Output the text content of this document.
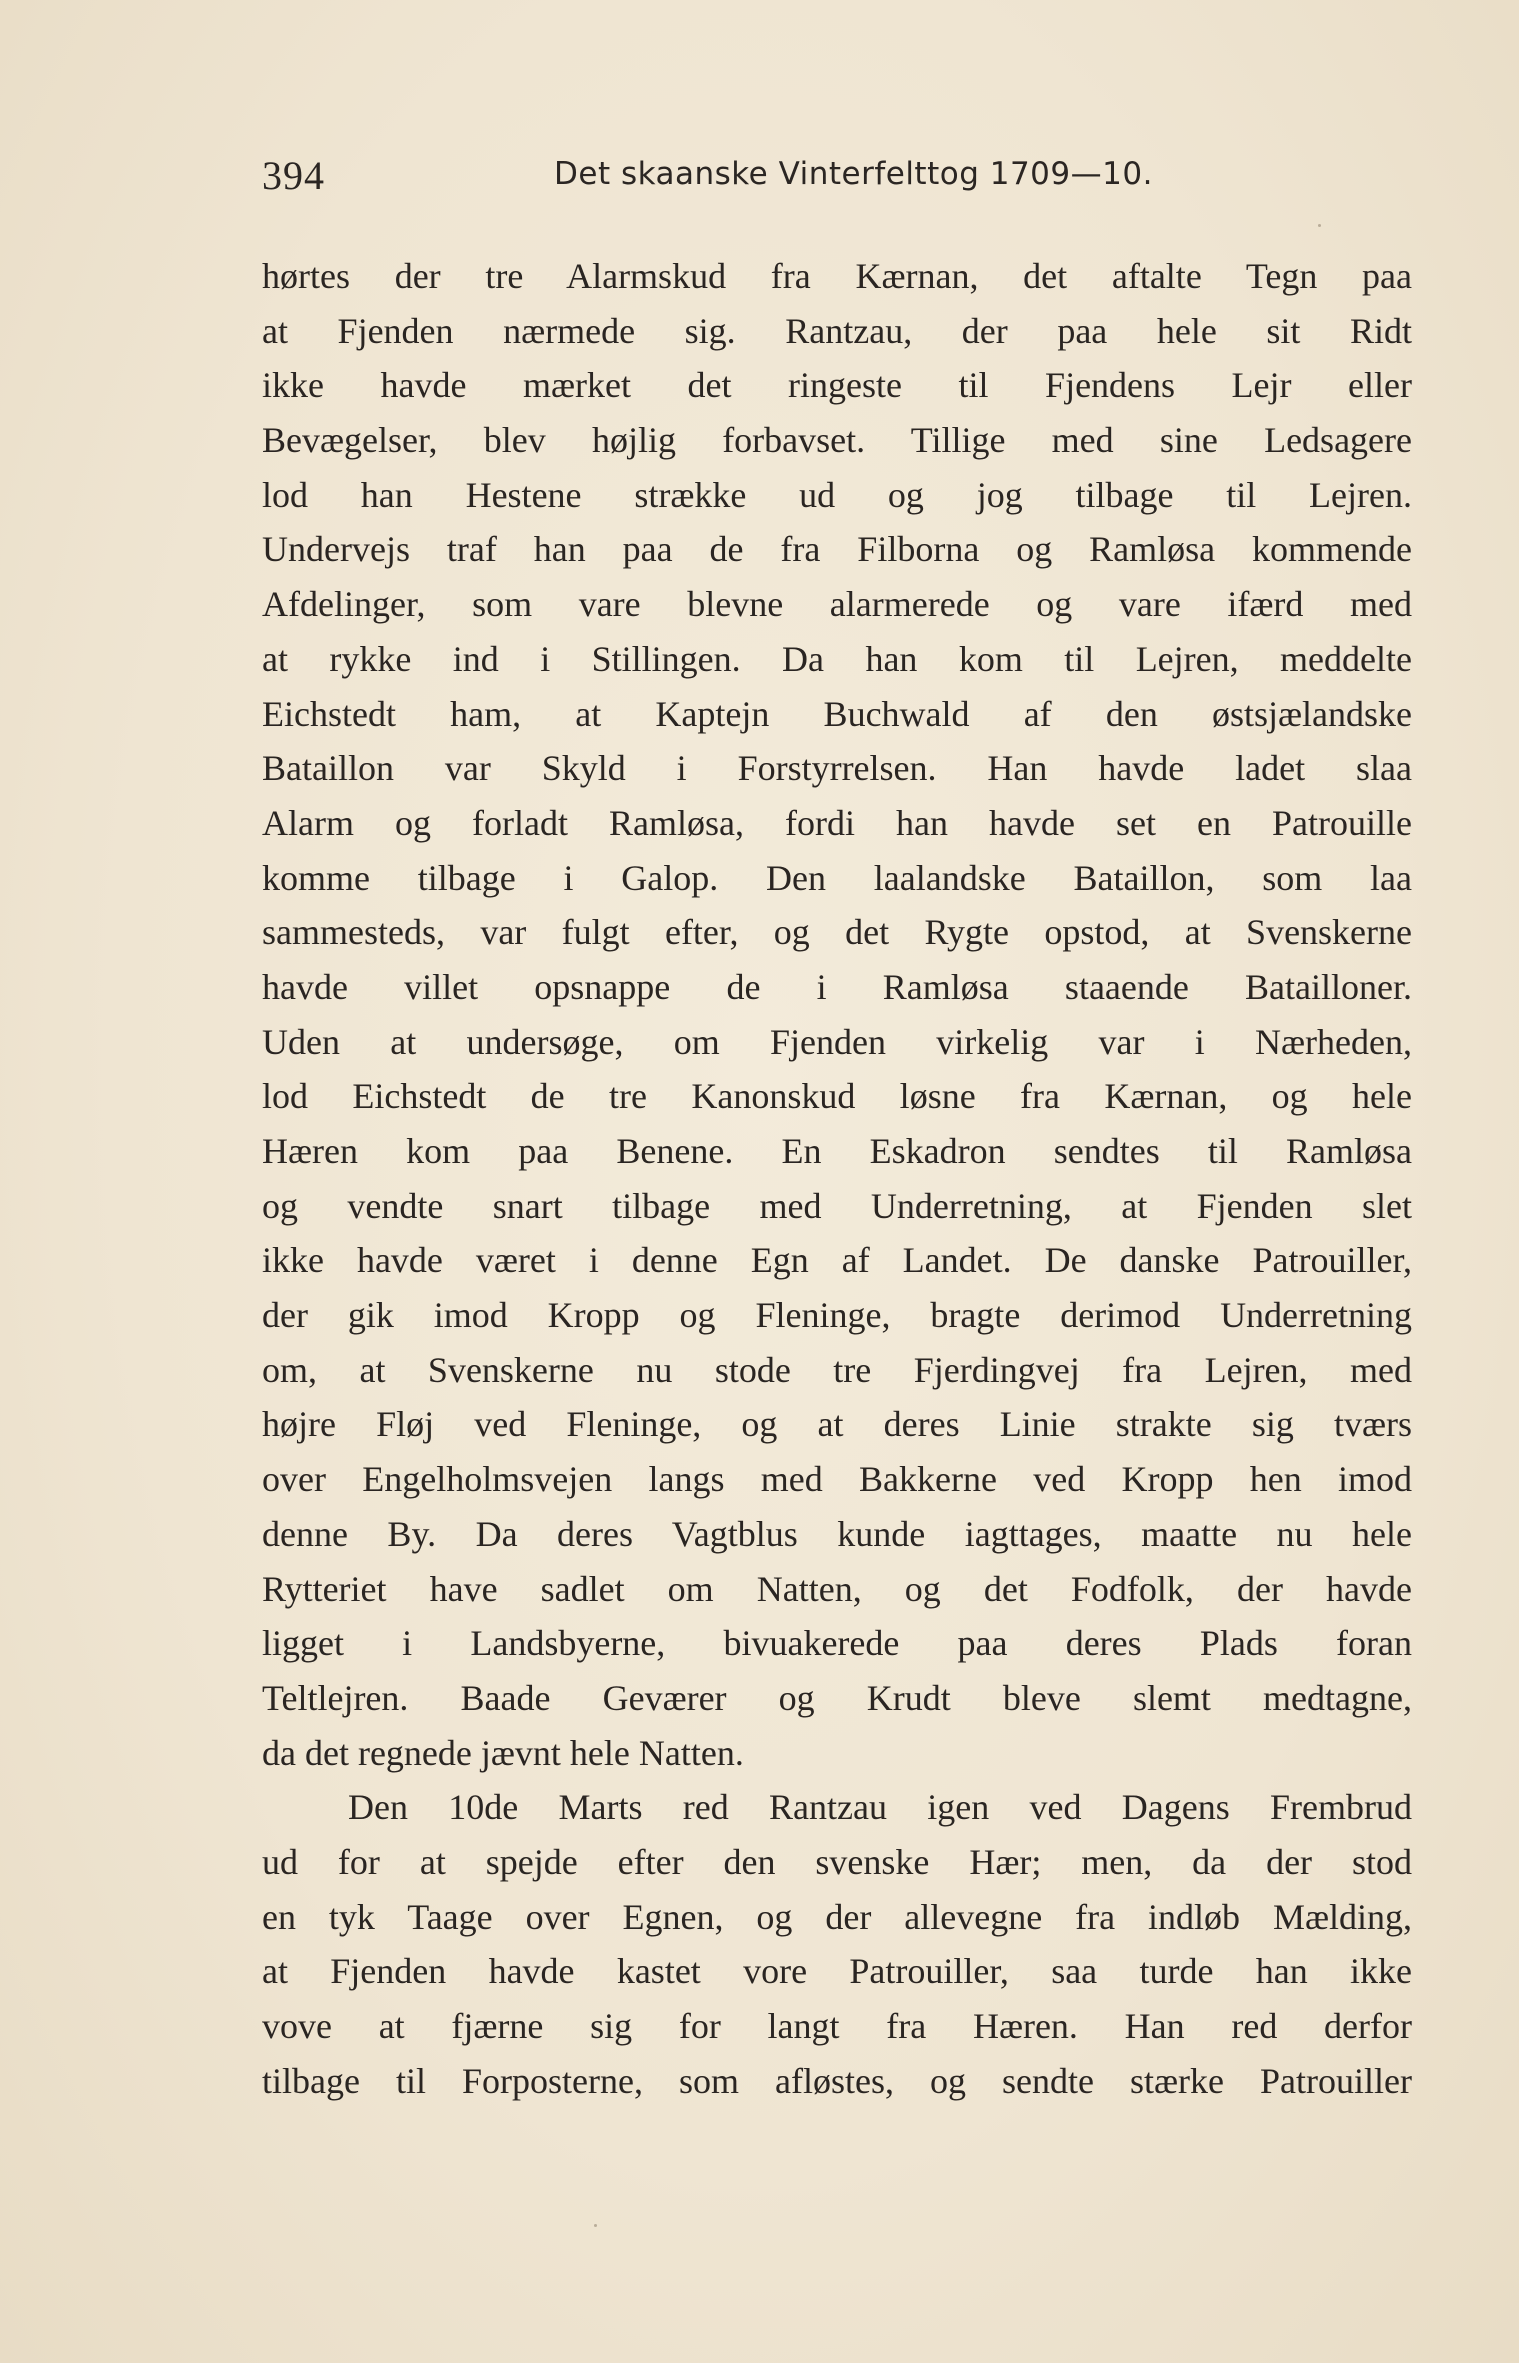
394	Det skaanske Vinterfelttog 1709—10.
hørtes der tre Alarmskud fra Kærnan, det aftalte Tegn paa
at Fjenden nærmede sig. Rantzau, der paa hele sit Ridt
ikke havde mærket det ringeste til Fjendens Lejr eller
Bevægelser, blev højlig forbavset. Tillige med sine Ledsagere
lod han Hestene strække ud og jog tilbage til Lejren.
Undervejs traf han paa de fra Filborna og Ramløsa kommende
Afdelinger, som vare blevne alarmerede og vare ifærd med
at rykke ind i Stillingen. Da han kom til Lejren, meddelte
Eichstedt ham, at Kaptejn Buchwald af den østsjælandske
Bataillon var Skyld i Forstyrrelsen. Han havde ladet slaa
Alarm og forladt Ramløsa, fordi han havde set en Patrouille
komme tilbage i Galop. Den laalandske Bataillon, som laa
sammesteds, var fulgt efter, og det Rygte opstod, at Svenskerne
havde villet opsnappe de i Ramløsa staaende Batailloner.
Uden at undersøge, om Fjenden virkelig var i Nærheden,
lod Eichstedt de tre Kanonskud løsne fra Kærnan, og hele
Hæren kom paa Benene. En Eskadron sendtes til Ramløsa
og vendte snart tilbage med Underretning, at Fjenden slet
ikke havde været i denne Egn af Landet. De danske Patrouiller,
der gik imod Kropp og Fleninge, bragte derimod Underretning
om, at Svenskerne nu stode tre Fjerdingvej fra Lejren, med
højre Fløj ved Fleninge, og at deres Linie strakte sig tværs
over Engelholmsvejen langs med Bakkerne ved Kropp hen imod
denne By. Da deres Vagtblus kunde iagttages, maatte nu hele
Rytteriet have sadlet om Natten, og det Fodfolk, der havde
ligget i Landsbyerne, bivuakerede paa deres Plads foran
Teltlejren. Baade Geværer og Krudt bleve slemt medtagne,
da det regnede jævnt hele Natten.
Den 10de Marts red Rantzau igen ved Dagens Frembrud
ud for at spejde efter den svenske Hær; men, da der stod
en tyk Taage over Egnen, og der allevegne fra indløb Mælding,
at Fjenden havde kastet vore Patrouiller, saa turde han ikke
vove at fjærne sig for langt fra Hæren. Han red derfor
tilbage til Forposterne, som afløstes, og sendte stærke Patrouiller
